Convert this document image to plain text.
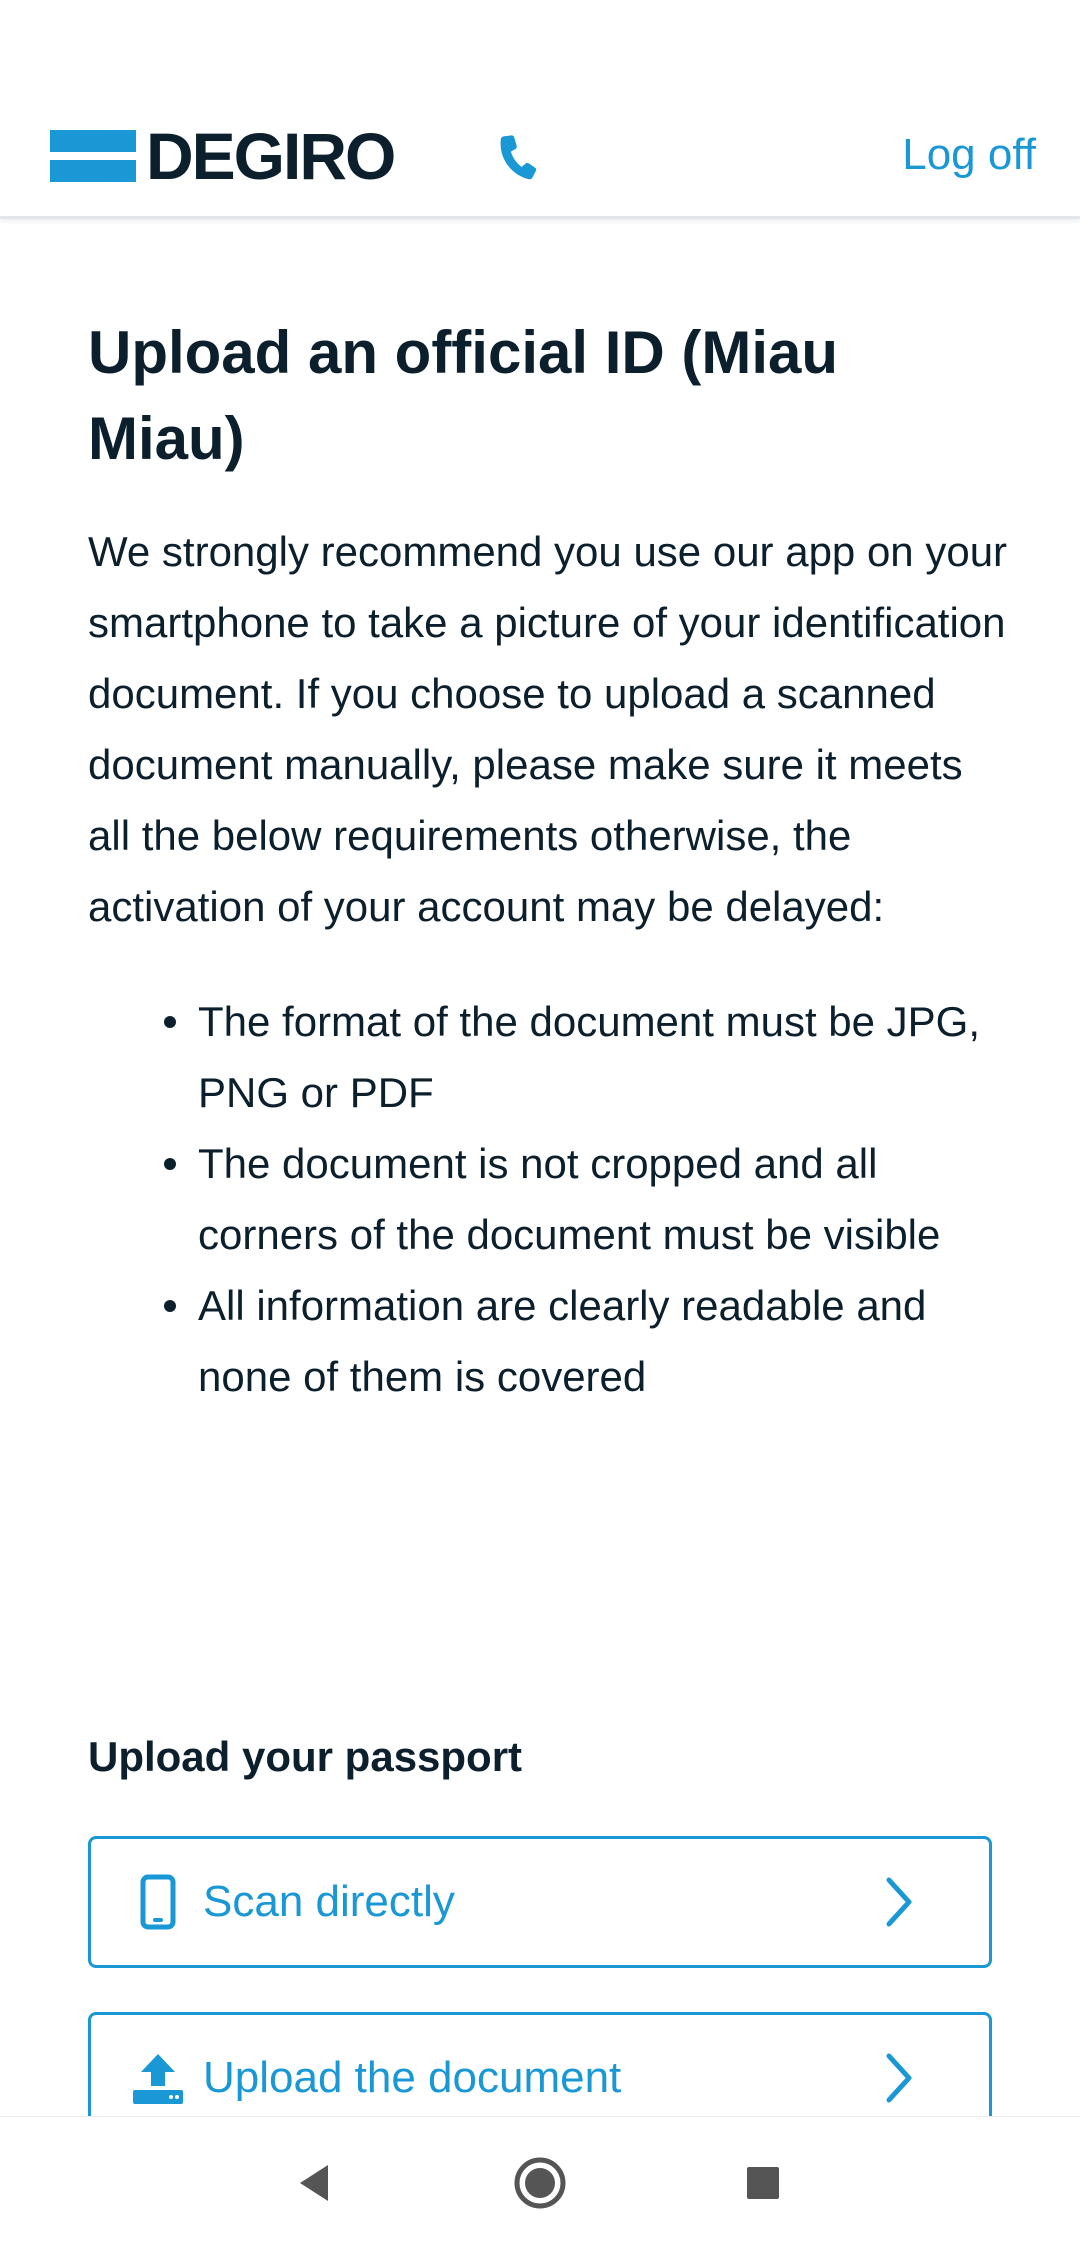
DEGIRO	Log off
Upload an official ID (Miau Miau)

We strongly recommend you use our app on your smartphone to take a picture of your identification document. If you choose to upload a scanned document manually, please make sure it meets all the below requirements otherwise, the activation of your account may be delayed:

The format of the document must be JPG, PNG or PDF
The document is not cropped and all corners of the document must be visible
All information are clearly readable and none of them is covered
Upload your passport
Scan directly
Upload the document
